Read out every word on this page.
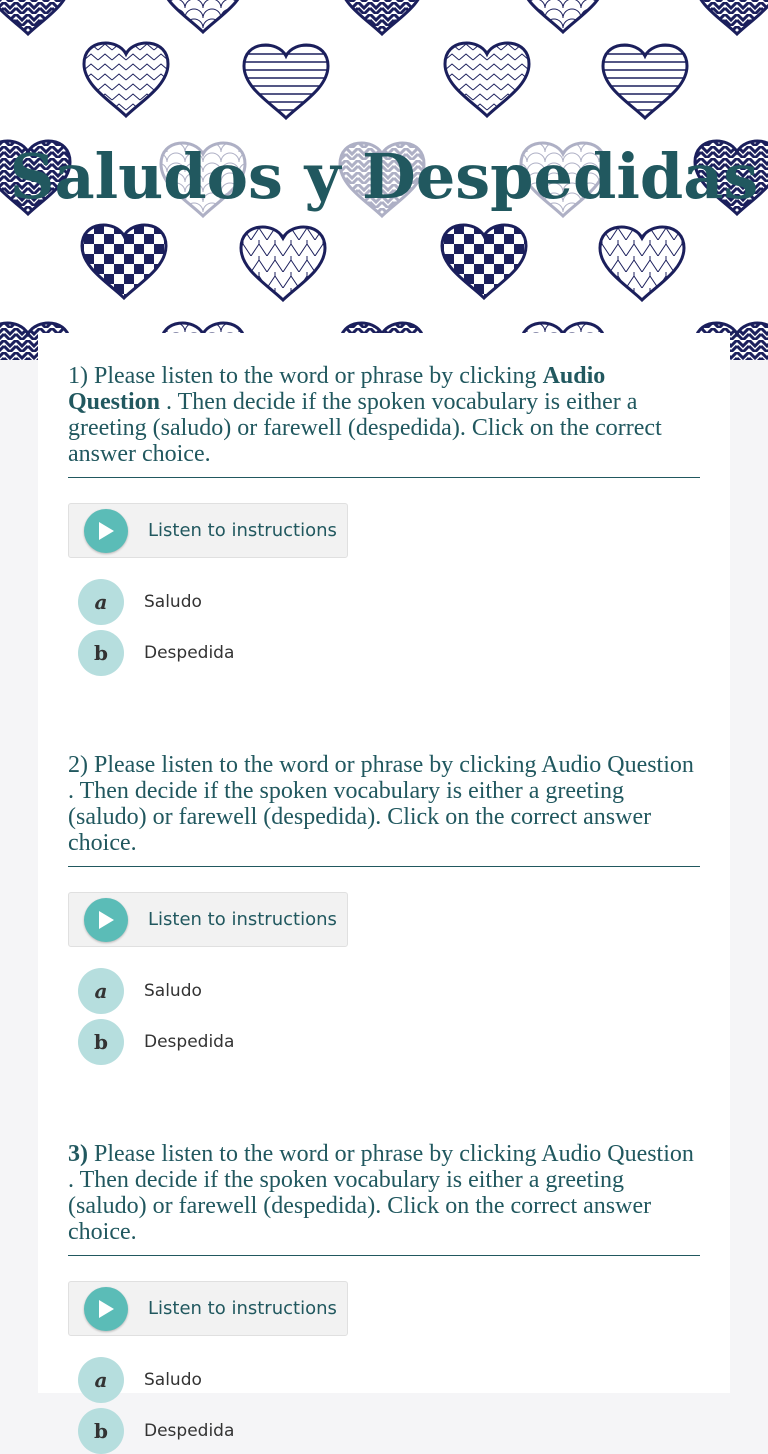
Saludos y Despedidas

1) Please listen to the word or phrase by clicking Audio Question . Then decide if the spoken vocabulary is either a greeting (saludo) or farewell (despedida). Click on the correct answer choice.

Listen to instructions
a	Saludo
b	Despedida

2) Please listen to the word or phrase by clicking Audio Question . Then decide if the spoken vocabulary is either a greeting (saludo) or farewell (despedida). Click on the correct answer choice.

Listen to instructions
a	Saludo
b	Despedida

3) Please listen to the word or phrase by clicking Audio Question . Then decide if the spoken vocabulary is either a greeting (saludo) or farewell (despedida). Click on the correct answer choice.

Listen to instructions
a	Saludo
b	Despedida
